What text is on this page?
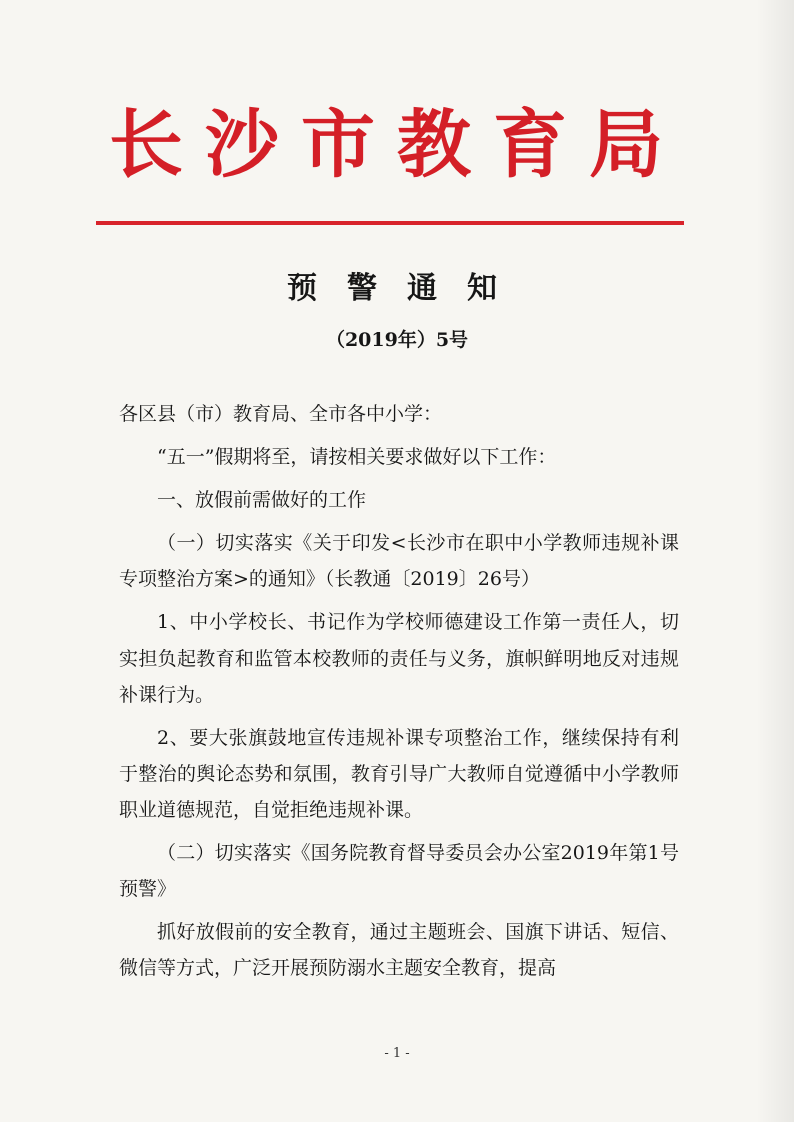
长沙市教育局
预警通知
（2019年）5号

各区县（市）教育局、全市各中小学：

“五一”假期将至，请按相关要求做好以下工作：

一、放假前需做好的工作

（一）切实落实《关于印发<长沙市在职中小学教师违规补课专项整治方案>的通知》（长教通〔2019〕26号）

1、中小学校长、书记作为学校师德建设工作第一责任人，切实担负起教育和监管本校教师的责任与义务，旗帜鲜明地反对违规补课行为。

2、要大张旗鼓地宣传违规补课专项整治工作，继续保持有利于整治的舆论态势和氛围，教育引导广大教师自觉遵循中小学教师职业道德规范，自觉拒绝违规补课。

（二）切实落实《国务院教育督导委员会办公室2019年第1号预警》

抓好放假前的安全教育，通过主题班会、国旗下讲话、短信、微信等方式，广泛开展预防溺水主题安全教育，提高

- 1 -
